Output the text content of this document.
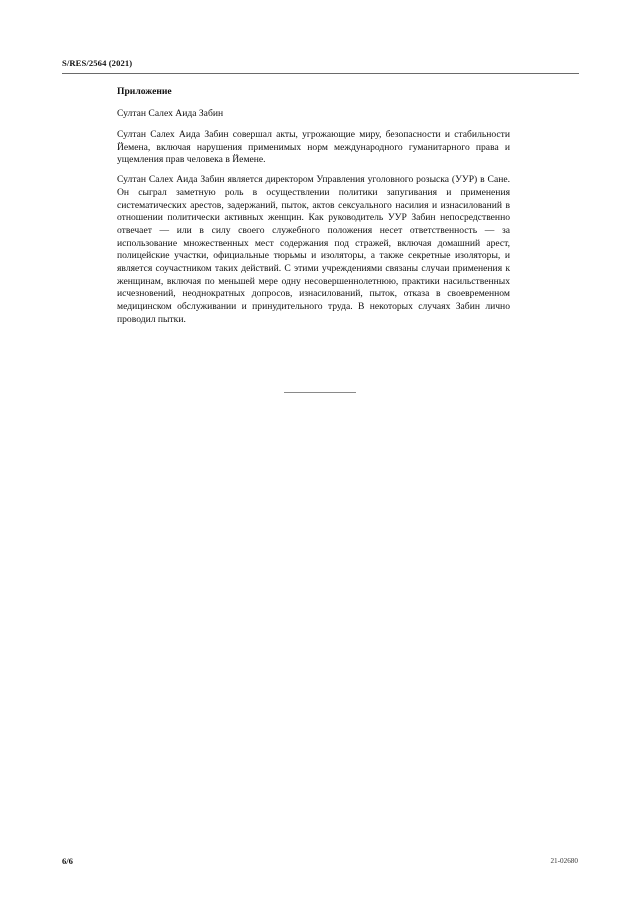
S/RES/2564 (2021)
Приложение
Султан Салех Аида Забин

Султан Салех Аида Забин совершал акты, угрожающие миру, безопасности и стабильности Йемена, включая нарушения применимых норм международного гуманитарного права и ущемления прав человека в Йемене.

Султан Салех Аида Забин является директором Управления уголовного розыска (УУР) в Сане. Он сыграл заметную роль в осуществлении политики запугивания и применения систематических арестов, задержаний, пыток, актов сексуального насилия и изнасилований в отношении политически активных женщин. Как руководитель УУР Забин непосредственно отвечает — или в силу своего служебного положения несет ответственность — за использование множественных мест содержания под стражей, включая домашний арест, полицейские участки, официальные тюрьмы и изоляторы, а также секретные изоляторы, и является соучастником таких действий. С этими учреждениями связаны случаи применения к женщинам, включая по меньшей мере одну несовершеннолетнюю, практики насильственных исчезновений, неоднократных допросов, изнасилований, пыток, отказа в своевременном медицинском обслуживании и принудительного труда. В некоторых случаях Забин лично проводил пытки.

6/6	21-02680
